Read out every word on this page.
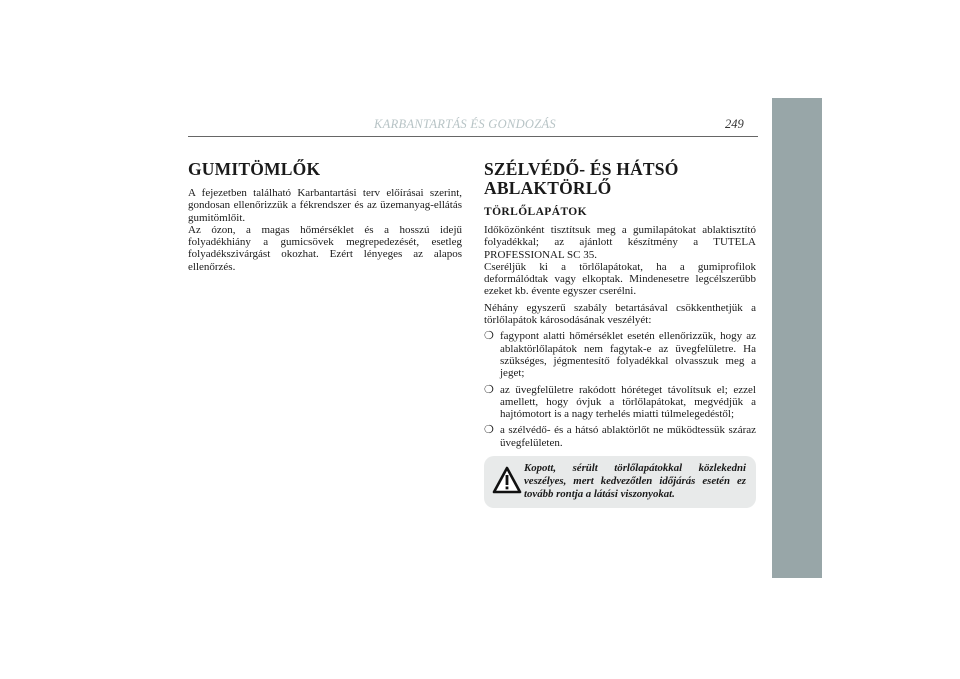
KARBANTARTÁS ÉS GONDOZÁS	249
GUMITÖMLŐK

A fejezetben található Karbantartási terv előírásai szerint, gondosan ellenőrizzük a fékrendszer és az üzemanyag-ellátás gumitömlőit.

Az ózon, a magas hőmérséklet és a hosszú idejű folyadékhiány a gumicsövek megrepedezését, esetleg folyadékszivárgást okozhat. Ezért lényeges az alapos ellenőrzés.

SZÉLVÉDŐ- ÉS HÁTSÓ ABLAKTÖRLŐ
TÖRLŐLAPÁTOK

Időközönként tisztítsuk meg a gumilapátokat ablaktisztító folyadékkal; az ajánlott készítmény a TUTELA PROFESSIONAL SC 35.

Cseréljük ki a törlőlapátokat, ha a gumiprofilok deformálódtak vagy elkoptak. Mindenesetre legcélszerűbb ezeket kb. évente egyszer cserélni.

Néhány egyszerű szabály betartásával csökkenthetjük a törlőlapátok károsodásának veszélyét:

❍ fagypont alatti hőmérséklet esetén ellenőrizzük, hogy az ablaktörlőlapátok nem fagytak-e az üvegfelületre. Ha szükséges, jégmentesítő folyadékkal olvasszuk meg a jeget;
❍ az üvegfelületre rakódott hóréteget távolítsuk el; ezzel amellett, hogy óvjuk a törlőlapátokat, megvédjük a hajtómotort is a nagy terhelés miatti túlmelegedéstől;
❍ a szélvédő- és a hátsó ablaktörlőt ne működtessük száraz üvegfelületen.
Kopott, sérült törlőlapátokkal közlekedni veszélyes, mert kedvezőtlen időjárás esetén ez tovább rontja a látási viszonyokat.
